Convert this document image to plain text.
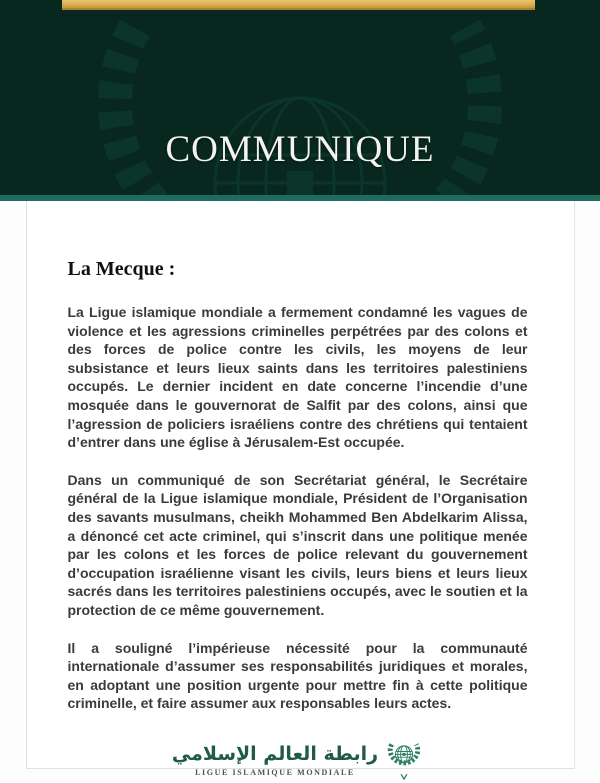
COMMUNIQUE
La Mecque :

La Ligue islamique mondiale a fermement condamné les vagues de violence et les agressions criminelles perpétrées par des colons et des forces de police contre les civils, les moyens de leur subsistance et leurs lieux saints dans les territoires palestiniens occupés. Le dernier incident en date concerne l’incendie d’une mosquée dans le gouvernorat de Salfit par des colons, ainsi que l’agression de policiers israéliens contre des chrétiens qui tentaient d’entrer dans une église à Jérusalem-Est occupée.

Dans un communiqué de son Secrétariat général, le Secrétaire général de la Ligue islamique mondiale, Président de l’Organisation des savants musulmans, cheikh Mohammed Ben Abdelkarim Alissa, a dénoncé cet acte criminel, qui s’inscrit dans une politique menée par les colons et les forces de police relevant du gouvernement d’occupation israélienne visant les civils, leurs biens et leurs lieux sacrés dans les territoires palestiniens occupés, avec le soutien et la protection de ce même gouvernement.

Il a souligné l’impérieuse nécessité pour la communauté internationale d’assumer ses responsabilités juridiques et morales, en adoptant une position urgente pour mettre fin à cette politique criminelle, et faire assumer aux responsables leurs actes.

رابطة العالم الإسلامي
LIGUE ISLAMIQUE MONDIALE
